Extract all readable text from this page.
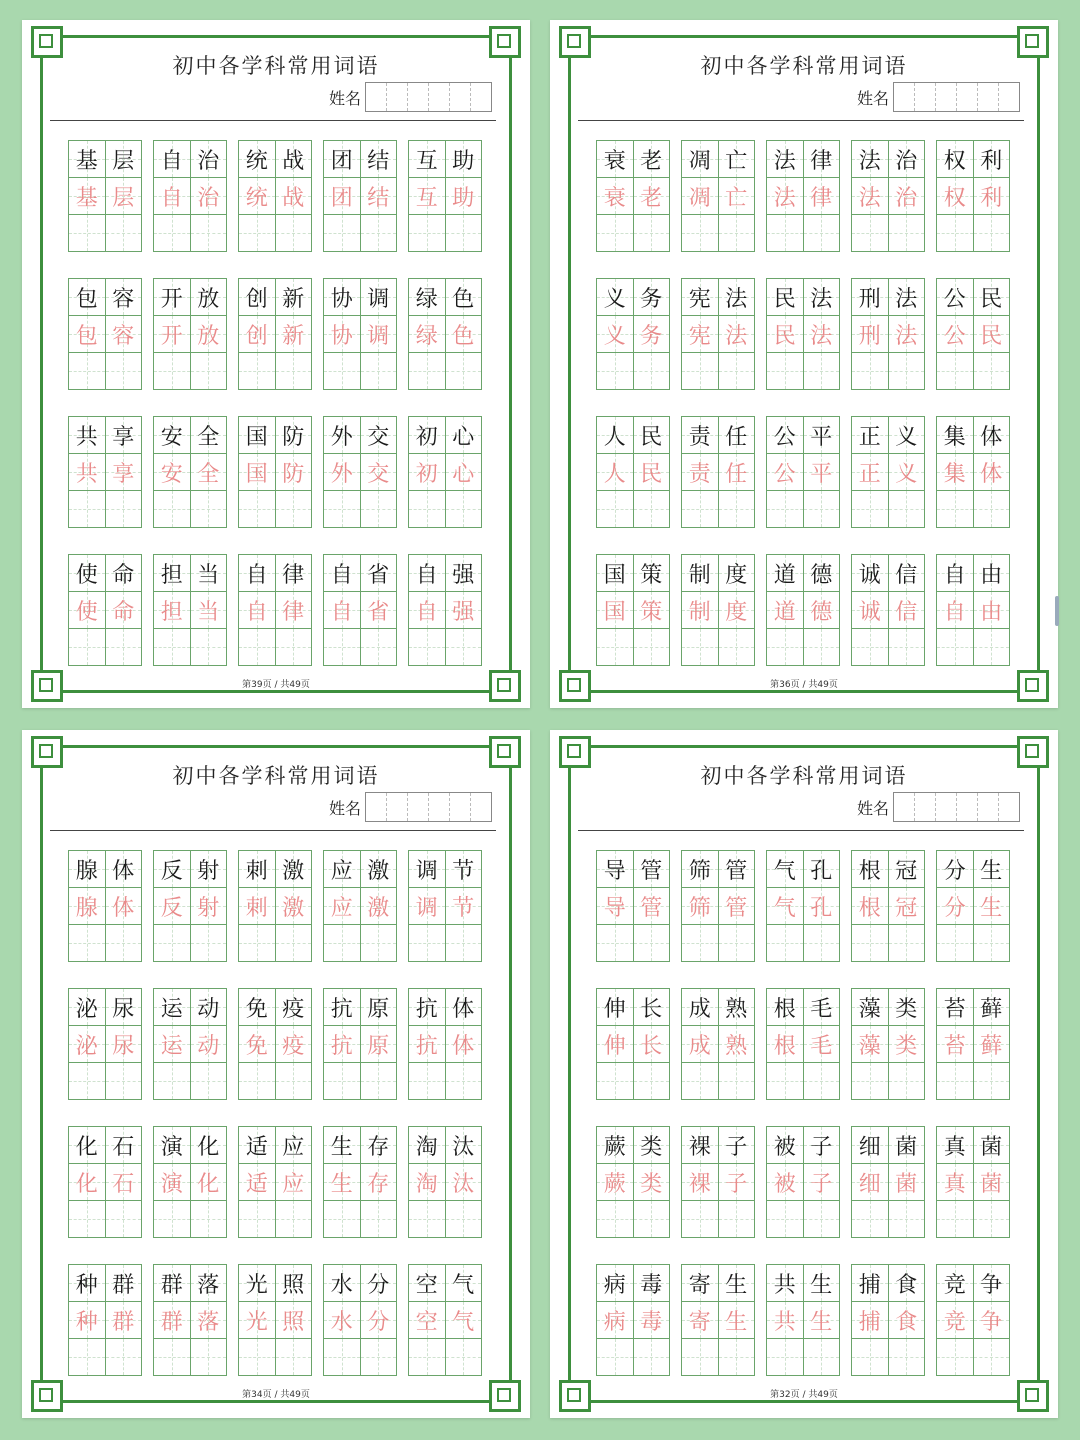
初中各学科常用词语
姓名
基 层
基 层
自 治
自 治
统 战
统 战
团 结
团 结
互 助
互 助
包 容
包 容
开 放
开 放
创 新
创 新
协 调
协 调
绿 色
绿 色
共 享
共 享
安 全
安 全
国 防
国 防
外 交
外 交
初 心
初 心
使 命
使 命
担 当
担 当
自 律
自 律
自 省
自 省
自 强
自 强
第39页 / 共49页
初中各学科常用词语
姓名
衰 老
衰 老
凋 亡
凋 亡
法 律
法 律
法 治
法 治
权 利
权 利
义 务
义 务
宪 法
宪 法
民 法
民 法
刑 法
刑 法
公 民
公 民
人 民
人 民
责 任
责 任
公 平
公 平
正 义
正 义
集 体
集 体
国 策
国 策
制 度
制 度
道 德
道 德
诚 信
诚 信
自 由
自 由
第36页 / 共49页
初中各学科常用词语
姓名
腺 体
腺 体
反 射
反 射
刺 激
刺 激
应 激
应 激
调 节
调 节
泌 尿
泌 尿
运 动
运 动
免 疫
免 疫
抗 原
抗 原
抗 体
抗 体
化 石
化 石
演 化
演 化
适 应
适 应
生 存
生 存
淘 汰
淘 汰
种 群
种 群
群 落
群 落
光 照
光 照
水 分
水 分
空 气
空 气
第34页 / 共49页
初中各学科常用词语
姓名
导 管
导 管
筛 管
筛 管
气 孔
气 孔
根 冠
根 冠
分 生
分 生
伸 长
伸 长
成 熟
成 熟
根 毛
根 毛
藻 类
藻 类
苔 藓
苔 藓
蕨 类
蕨 类
裸 子
裸 子
被 子
被 子
细 菌
细 菌
真 菌
真 菌
病 毒
病 毒
寄 生
寄 生
共 生
共 生
捕 食
捕 食
竞 争
竞 争
第32页 / 共49页
